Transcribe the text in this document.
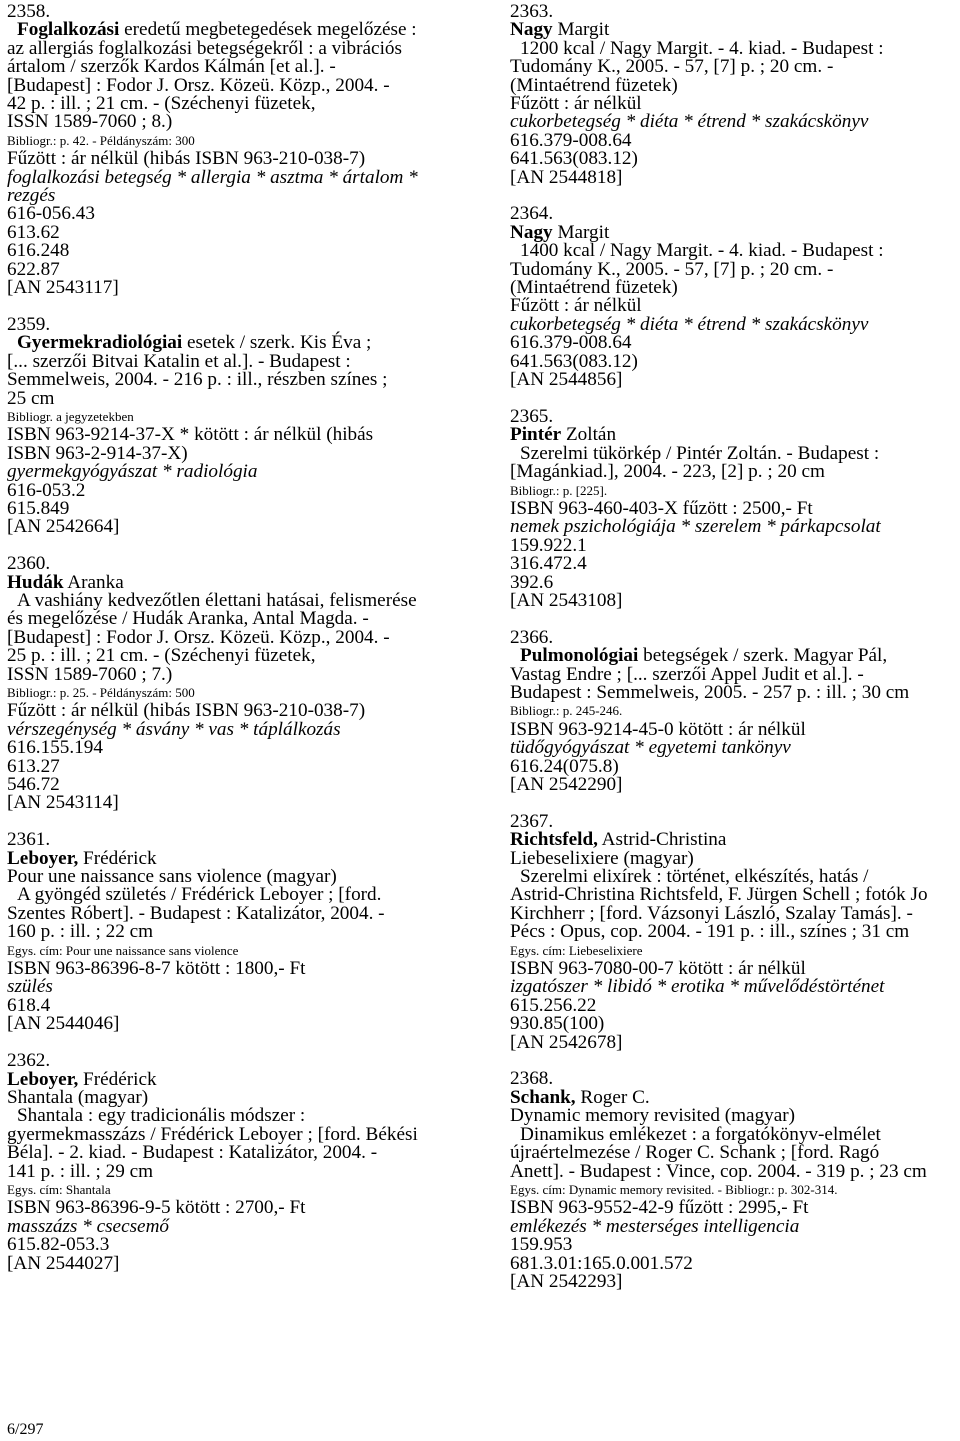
2358.
Foglalkozási eredetű megbetegedések megelőzése :
az allergiás foglalkozási betegségekről : a vibrációs
ártalom / szerzők Kardos Kálmán [et al.]. -
[Budapest] : Fodor J. Orsz. Közeü. Közp., 2004. -
42 p. : ill. ; 21 cm. - (Széchenyi füzetek,
ISSN 1589-7060 ; 8.)
Bibliogr.: p. 42. - Példányszám: 300
Fűzött : ár nélkül (hibás ISBN 963-210-038-7)
foglalkozási betegség * allergia * asztma * ártalom *
rezgés
616-056.43
613.62
616.248
622.87
[AN 2543117]
2359.
Gyermekradiológiai esetek / szerk. Kis Éva ;
[... szerzői Bitvai Katalin et al.]. - Budapest :
Semmelweis, 2004. - 216 p. : ill., részben színes ;
25 cm
Bibliogr. a jegyzetekben
ISBN 963-9214-37-X * kötött : ár nélkül (hibás
ISBN 963-2-914-37-X)
gyermekgyógyászat * radiológia
616-053.2
615.849
[AN 2542664]
2360.
Hudák Aranka
A vashiány kedvezőtlen élettani hatásai, felismerése
és megelőzése / Hudák Aranka, Antal Magda. -
[Budapest] : Fodor J. Orsz. Közeü. Közp., 2004. -
25 p. : ill. ; 21 cm. - (Széchenyi füzetek,
ISSN 1589-7060 ; 7.)
Bibliogr.: p. 25. - Példányszám: 500
Fűzött : ár nélkül (hibás ISBN 963-210-038-7)
vérszegénység * ásvány * vas * táplálkozás
616.155.194
613.27
546.72
[AN 2543114]
2361.
Leboyer, Frédérick
Pour une naissance sans violence (magyar)
A gyöngéd születés / Frédérick Leboyer ; [ford.
Szentes Róbert]. - Budapest : Katalizátor, 2004. -
160 p. : ill. ; 22 cm
Egys. cím: Pour une naissance sans violence
ISBN 963-86396-8-7 kötött : 1800,- Ft
szülés
618.4
[AN 2544046]
2362.
Leboyer, Frédérick
Shantala (magyar)
Shantala : egy tradicionális módszer :
gyermekmasszázs / Frédérick Leboyer ; [ford. Békési
Béla]. - 2. kiad. - Budapest : Katalizátor, 2004. -
141 p. : ill. ; 29 cm
Egys. cím: Shantala
ISBN 963-86396-9-5 kötött : 2700,- Ft
masszázs * csecsemő
615.82-053.3
[AN 2544027]
2363.
Nagy Margit
1200 kcal / Nagy Margit. - 4. kiad. - Budapest :
Tudomány K., 2005. - 57, [7] p. ; 20 cm. -
(Mintaétrend füzetek)
Fűzött : ár nélkül
cukorbetegség * diéta * étrend * szakácskönyv
616.379-008.64
641.563(083.12)
[AN 2544818]
2364.
Nagy Margit
1400 kcal / Nagy Margit. - 4. kiad. - Budapest :
Tudomány K., 2005. - 57, [7] p. ; 20 cm. -
(Mintaétrend füzetek)
Fűzött : ár nélkül
cukorbetegség * diéta * étrend * szakácskönyv
616.379-008.64
641.563(083.12)
[AN 2544856]
2365.
Pintér Zoltán
Szerelmi tükörkép / Pintér Zoltán. - Budapest :
[Magánkiad.], 2004. - 223, [2] p. ; 20 cm
Bibliogr.: p. [225].
ISBN 963-460-403-X fűzött : 2500,- Ft
nemek pszichológiája * szerelem * párkapcsolat
159.922.1
316.472.4
392.6
[AN 2543108]
2366.
Pulmonológiai betegségek / szerk. Magyar Pál,
Vastag Endre ; [... szerzői Appel Judit et al.]. -
Budapest : Semmelweis, 2005. - 257 p. : ill. ; 30 cm
Bibliogr.: p. 245-246.
ISBN 963-9214-45-0 kötött : ár nélkül
tüdőgyógyászat * egyetemi tankönyv
616.24(075.8)
[AN 2542290]
2367.
Richtsfeld, Astrid-Christina
Liebeselixiere (magyar)
Szerelmi elixírek : történet, elkészítés, hatás /
Astrid-Christina Richtsfeld, F. Jürgen Schell ; fotók Jo
Kirchherr ; [ford. Vázsonyi László, Szalay Tamás]. -
Pécs : Opus, cop. 2004. - 191 p. : ill., színes ; 31 cm
Egys. cím: Liebeselixiere
ISBN 963-7080-00-7 kötött : ár nélkül
izgatószer * libidó * erotika * művelődéstörténet
615.256.22
930.85(100)
[AN 2542678]
2368.
Schank, Roger C.
Dynamic memory revisited (magyar)
Dinamikus emlékezet : a forgatókönyv-elmélet
újraértelmezése / Roger C. Schank ; [ford. Ragó
Anett]. - Budapest : Vince, cop. 2004. - 319 p. ; 23 cm
Egys. cím: Dynamic memory revisited. - Bibliogr.: p. 302-314.
ISBN 963-9552-42-9 fűzött : 2995,- Ft
emlékezés * mesterséges intelligencia
159.953
681.3.01:165.0.001.572
[AN 2542293]
6/297
